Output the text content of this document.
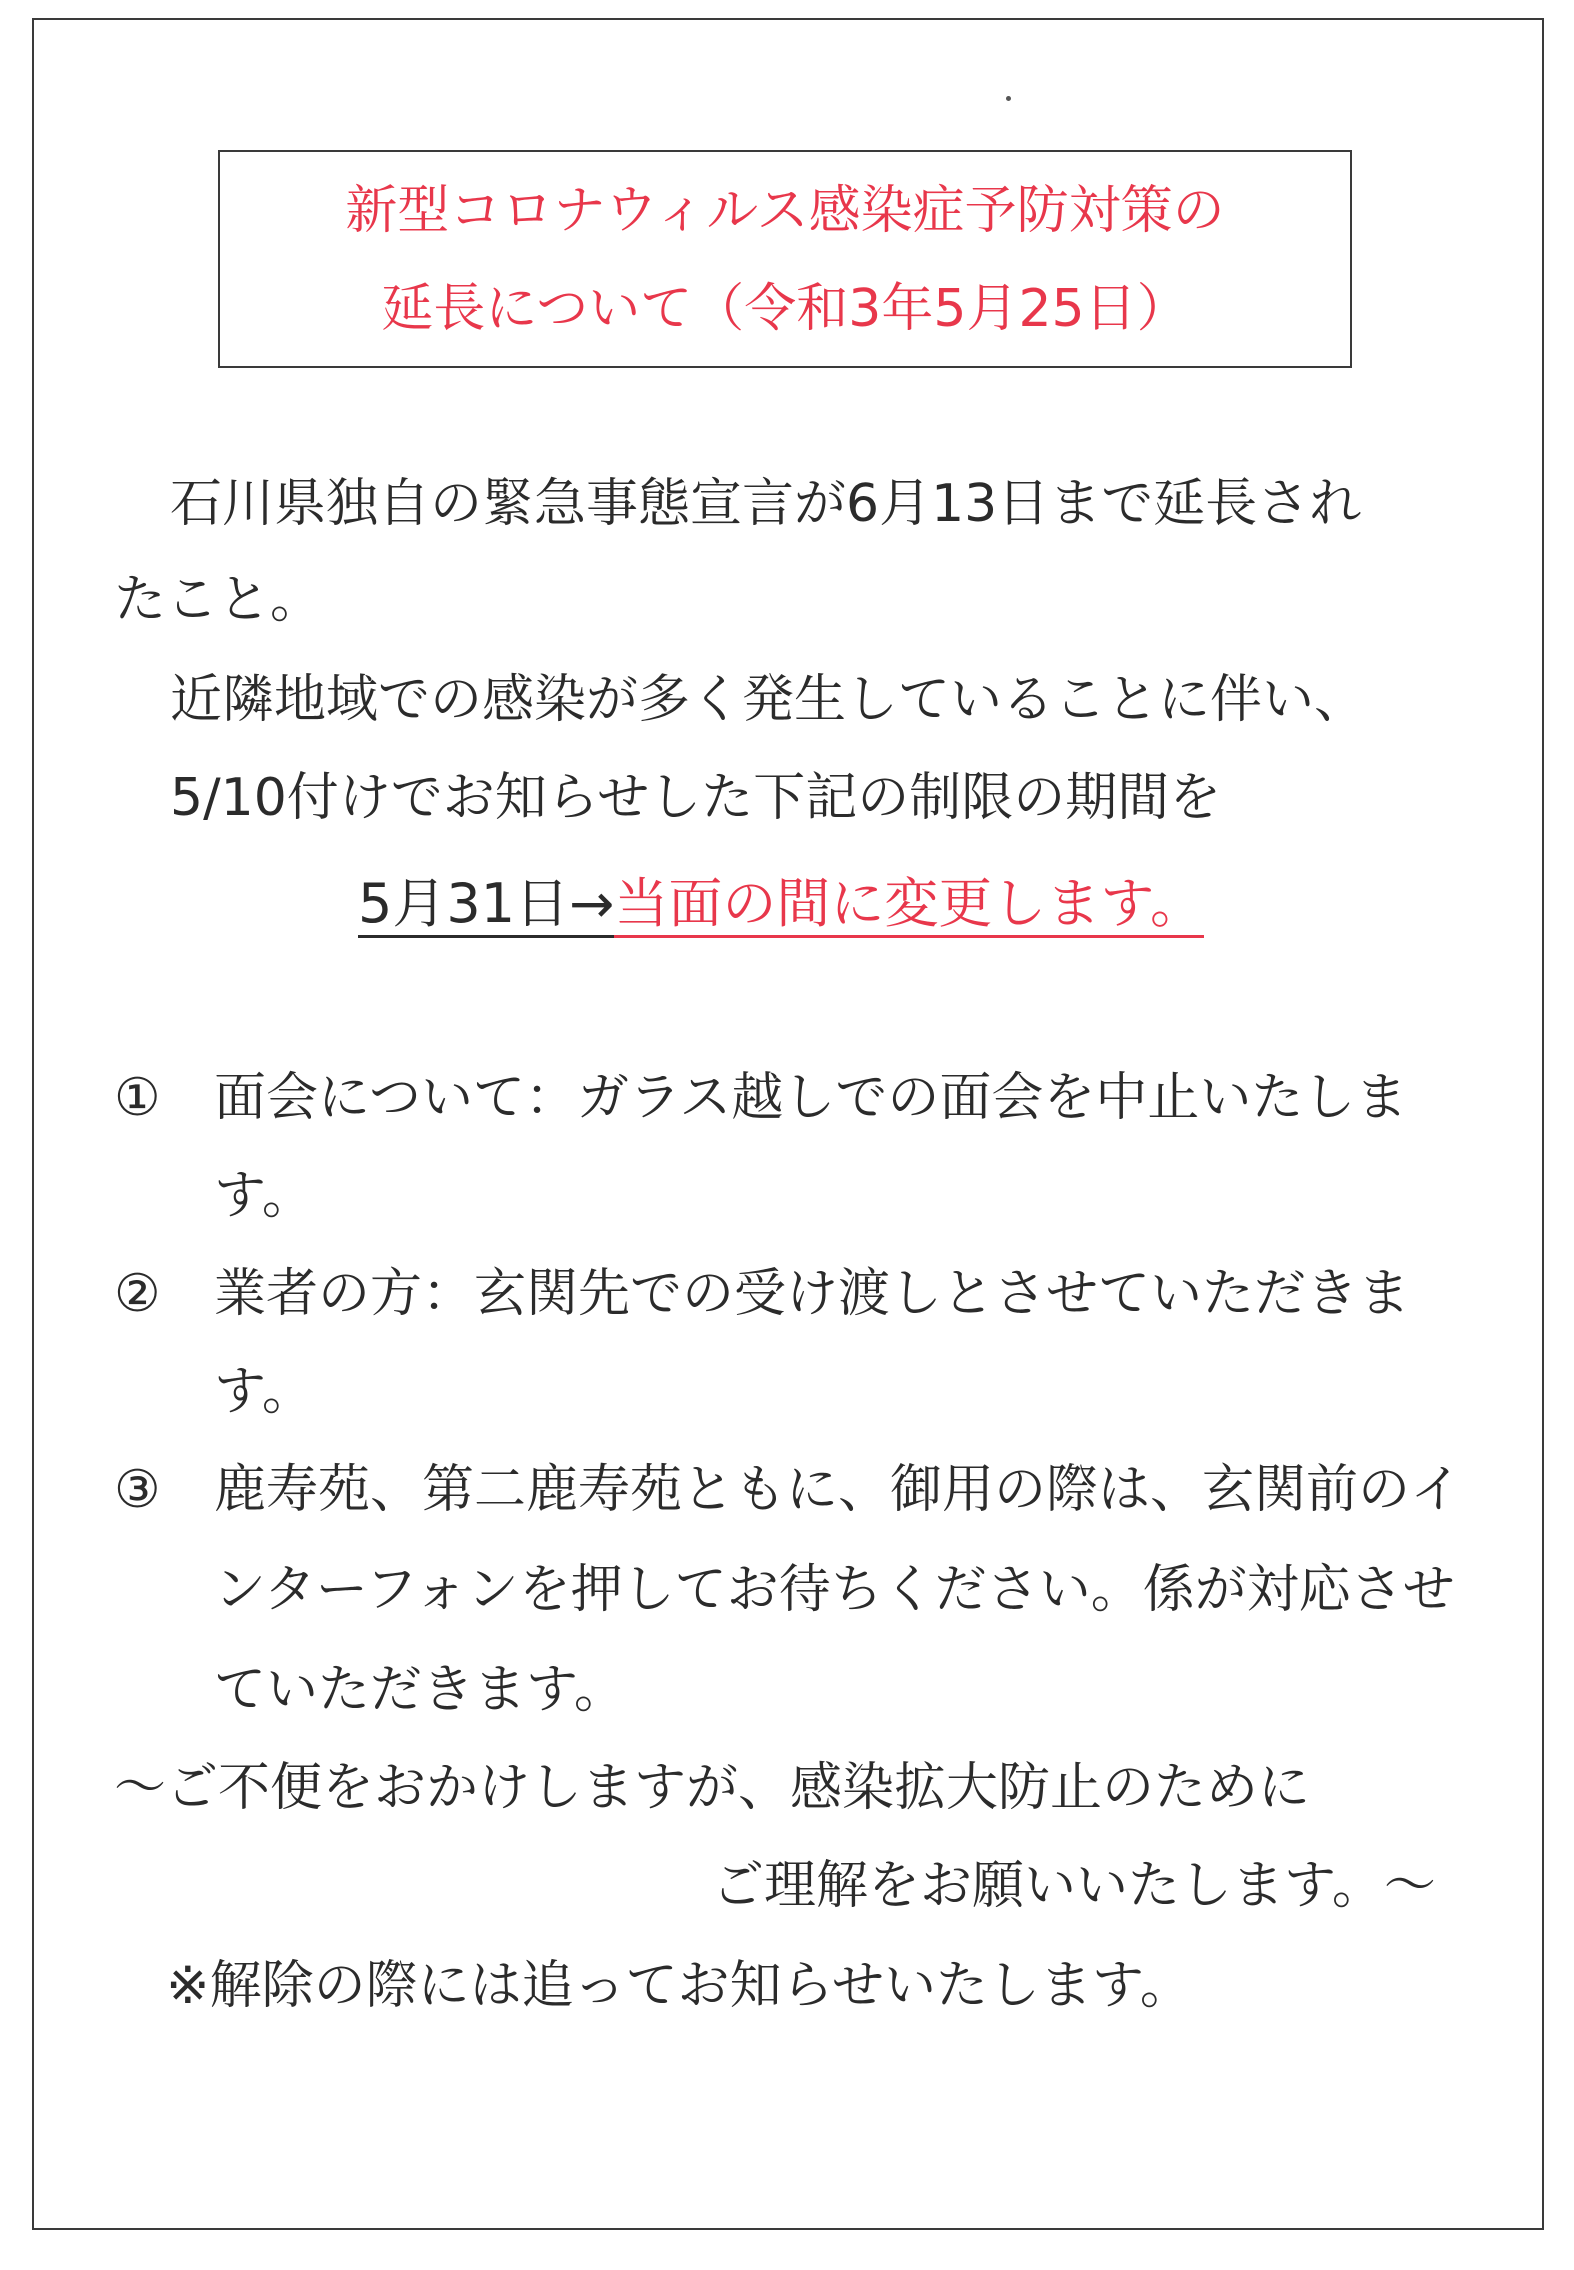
新型コロナウィルス感染症予防対策の
延長について（令和3年5月25日）
石川県独自の緊急事態宣言が6月13日まで延長され
たこと。
近隣地域での感染が多く発生していることに伴い、
5/10付けでお知らせした下記の制限の期間を
5月31日→当面の間に変更します。
① 面会について：ガラス越しでの面会を中止いたしま
す。
② 業者の方：玄関先での受け渡しとさせていただきま
す。
③ 鹿寿苑、第二鹿寿苑ともに、御用の際は、玄関前のイ
ンターフォンを押してお待ちください。係が対応させ
ていただきます。
～ご不便をおかけしますが、感染拡大防止のために
ご理解をお願いいたします。～
※解除の際には追ってお知らせいたします。
